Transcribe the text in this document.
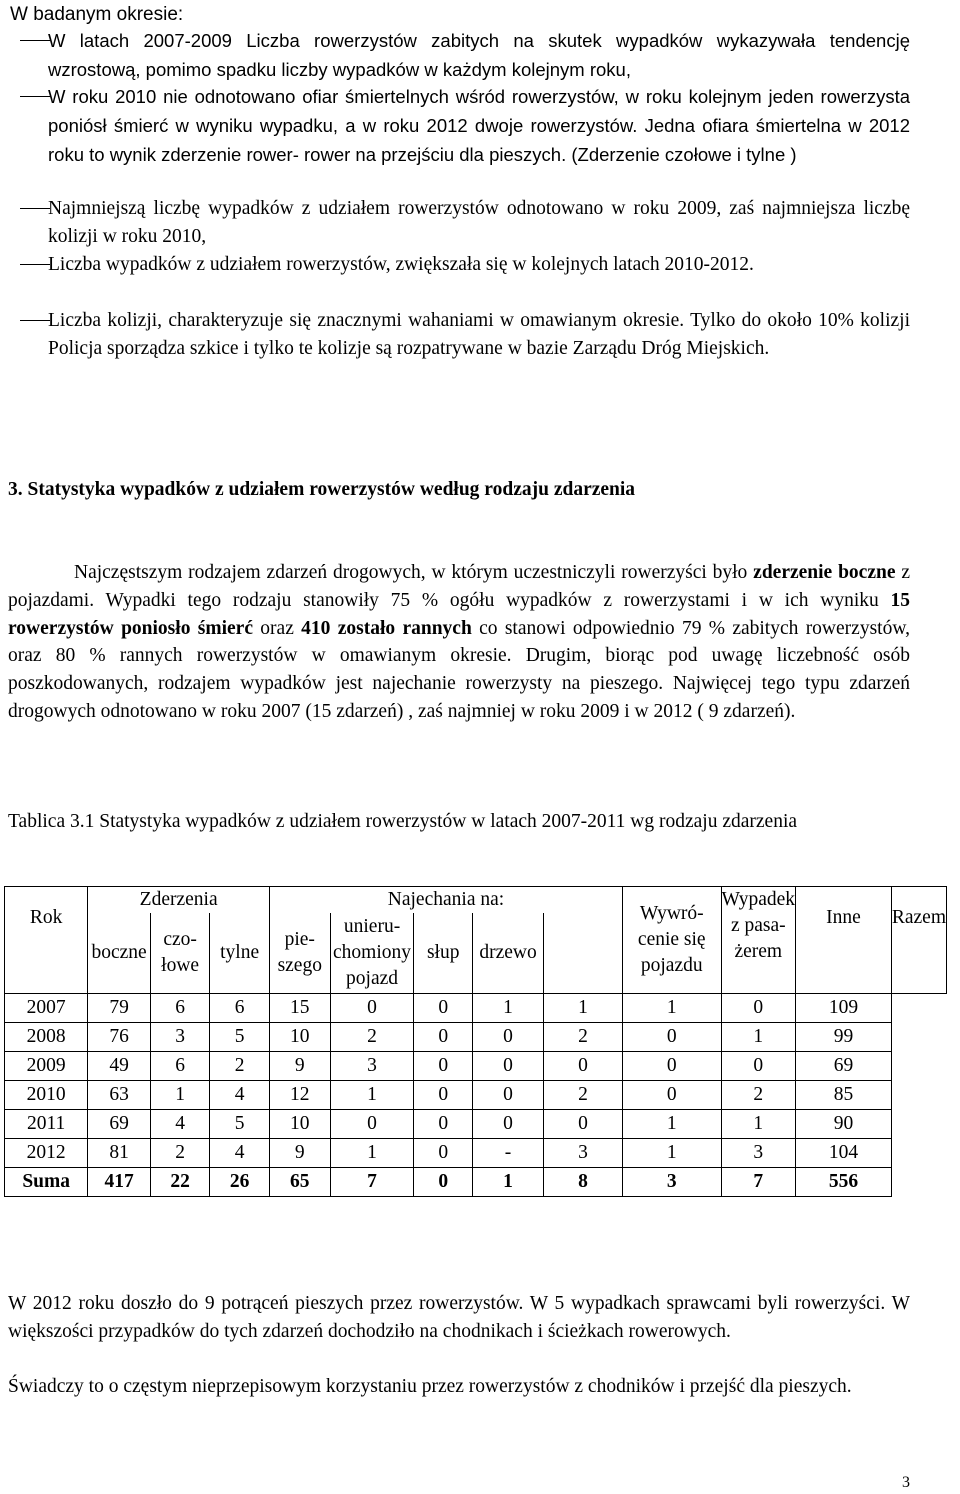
W badanym okresie:
W latach 2007-2009 Liczba rowerzystów zabitych na skutek wypadków wykazywała tendencję wzrostową, pomimo spadku liczby wypadków w każdym kolejnym roku,
W roku 2010 nie odnotowano ofiar śmiertelnych wśród rowerzystów, w roku kolejnym jeden rowerzysta poniósł śmierć w wyniku wypadku, a w roku 2012 dwoje rowerzystów. Jedna ofiara śmiertelna w 2012 roku to wynik zderzenie rower- rower na przejściu dla pieszych. (Zderzenie czołowe i tylne )
Najmniejszą liczbę wypadków z udziałem rowerzystów odnotowano w roku 2009, zaś najmniejsza liczbę kolizji w roku 2010,
Liczba wypadków z udziałem rowerzystów, zwiększała się w kolejnych latach 2010-2012.
Liczba kolizji, charakteryzuje się znacznymi wahaniami w omawianym okresie. Tylko do około 10% kolizji Policja sporządza szkice i tylko te kolizje są rozpatrywane w bazie Zarządu Dróg Miejskich.
3. Statystyka wypadków z udziałem rowerzystów według rodzaju zdarzenia
Najczęstszym rodzajem zdarzeń drogowych, w którym uczestniczyli rowerzyści było zderzenie boczne z pojazdami. Wypadki tego rodzaju stanowiły 75 % ogółu wypadków z rowerzystami i w ich wyniku 15 rowerzystów poniosło śmierć oraz 410 zostało rannych co stanowi odpowiednio 79 % zabitych rowerzystów, oraz 80 % rannych rowerzystów w omawianym okresie. Drugim, biorąc pod uwagę liczebność osób poszkodowanych, rodzajem wypadków jest najechanie rowerzysty na pieszego. Najwięcej tego typu zdarzeń drogowych odnotowano w roku 2007 (15 zdarzeń) , zaś najmniej w roku 2009 i w 2012 ( 9 zdarzeń).
Tablica 3.1 Statystyka wypadków z udziałem rowerzystów w latach 2007-2011 wg rodzaju zdarzenia
Rok	Zderzenia			Najechania na:					Wywró-cenie się pojazdu	Wypadek z pasa-żerem	Inne	Razem
	boczne	czo-łowe	tylne	pie-szego	unieru-chomiony pojazd	słup	drzewo					
2007	79	6	6	15	0	0	1	1	1	0	109	
2008	76	3	5	10	2	0	0	2	0	1	99	
2009	49	6	2	9	3	0	0	0	0	0	69	
2010	63	1	4	12	1	0	0	2	0	2	85	
2011	69	4	5	10	0	0	0	0	1	1	90	
2012	81	2	4	9	1	0	-	3	1	3	104	
Suma	417	22	26	65	7	0	1	8	3	7	556	
W 2012 roku doszło do 9 potrąceń pieszych przez rowerzystów. W 5 wypadkach sprawcami byli rowerzyści. W większości przypadków do tych zdarzeń dochodziło na chodnikach i ścieżkach rowerowych.
Świadczy to o częstym nieprzepisowym korzystaniu przez rowerzystów z chodników i przejść dla pieszych.
3
